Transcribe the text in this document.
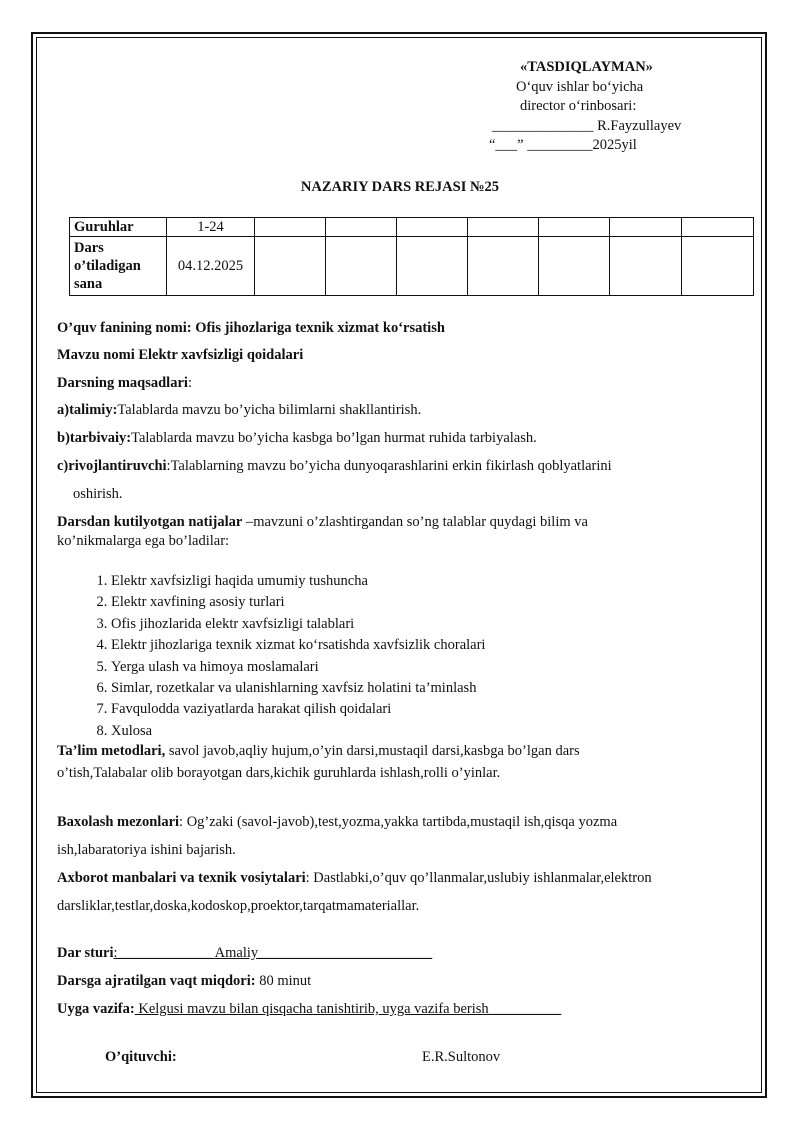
«TASDIQLAYMAN»
O‘quv ishlar bo‘yicha
director o‘rinbosari:
______________ R.Fayzullayev
“___” _________2025yil
NAZARIY DARS REJASI №25
Guruhlar	1-24							
Dars o’tiladigan sana	04.12.2025							
O’quv fanining nomi: Ofis jihozlariga texnik xizmat ko‘rsatish
Mavzu nomi Elektr xavfsizligi qoidalari
Darsning maqsadlari:
a)talimiy:Talablarda mavzu bo’yicha bilimlarni shakllantirish.
b)tarbivaiy:Talablarda mavzu bo’yicha kasbga bo’lgan hurmat ruhida tarbiyalash.
c)rivojlantiruvchi:Talablarning mavzu bo’yicha dunyoqarashlarini erkin fikirlash qoblyatlarini
oshirish.
Darsdan kutilyotgan natijalar –mavzuni o’zlashtirgandan so’ng talablar quydagi bilim va
ko’nikmalarga ega bo’ladilar:
1. Elektr xavfsizligi haqida umumiy tushuncha
2. Elektr xavfining asosiy turlari
3. Ofis jihozlarida elektr xavfsizligi talablari
4. Elektr jihozlariga texnik xizmat ko‘rsatishda xavfsizlik choralari
5. Yerga ulash va himoya moslamalari
6. Simlar, rozetkalar va ulanishlarning xavfsiz holatini ta’minlash
7. Favqulodda vaziyatlarda harakat qilish qoidalari
8. Xulosa
Ta’lim metodlari, savol javob,aqliy hujum,o’yin darsi,mustaqil darsi,kasbga bo’lgan dars
o’tish,Talabalar olib borayotgan dars,kichik guruhlarda ishlash,rolli o’yinlar.
Baxolash mezonlari: Og’zaki (savol-javob),test,yozma,yakka tartibda,mustaqil ish,qisqa yozma
ish,labaratoriya ishini bajarish.
Axborot manbalari va texnik vosiytalari: Dastlabki,o’quv qo’llanmalar,uslubiy ishlanmalar,elektron
darsliklar,testlar,doska,kodoskop,proektor,tarqatmamateriallar.
Dar sturi:_____________ Amaliy________________________
Darsga ajratilgan vaqt miqdori: 80 minut
Uyga vazifa: Kelgusi mavzu bilan qisqacha tanishtirib, uyga vazifa berish__________
O’qituvchi:	E.R.Sultonov
